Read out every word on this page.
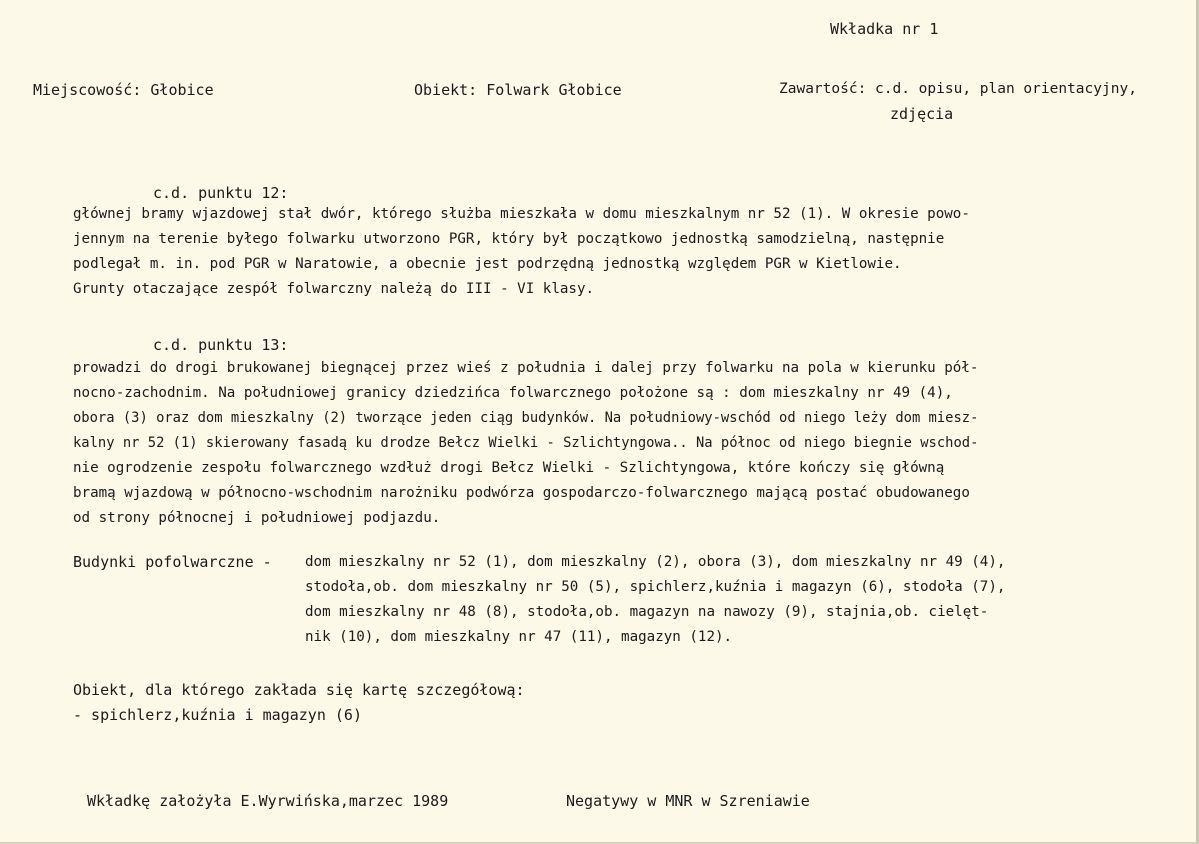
Wkładka nr 1
Miejscowość: Głobice	Obiekt: Folwark Głobice	Zawartość: c.d. opisu, plan orientacyjny,
zdjęcia
c.d. punktu 12:
głównej bramy wjazdowej stał dwór, którego służba mieszkała w domu mieszkalnym nr 52 (1). W okresie powo-
jennym na terenie byłego folwarku utworzono PGR, który był początkowo jednostką samodzielną, następnie
podlegał m. in. pod PGR w Naratowie, a obecnie jest podrzędną jednostką względem PGR w Kietlowie.
Grunty otaczające zespół folwarczny należą do III - VI klasy.
c.d. punktu 13:
prowadzi do drogi brukowanej biegnącej przez wieś z południa i dalej przy folwarku na pola w kierunku pół-
nocno-zachodnim. Na południowej granicy dziedzińca folwarcznego położone są : dom mieszkalny nr 49 (4),
obora (3) oraz dom mieszkalny (2) tworzące jeden ciąg budynków. Na południowy-wschód od niego leży dom miesz-
kalny nr 52 (1) skierowany fasadą ku drodze Bełcz Wielki - Szlichtyngowa.. Na północ od niego biegnie wschod-
nie ogrodzenie zespołu folwarcznego wzdłuż drogi Bełcz Wielki - Szlichtyngowa, które kończy się główną
bramą wjazdową w północno-wschodnim narożniku podwórza gospodarczo-folwarcznego mającą postać obudowanego
od strony północnej i południowej podjazdu.
Budynki pofolwarczne - dom mieszkalny nr 52 (1), dom mieszkalny (2), obora (3), dom mieszkalny nr 49 (4),
stodoła,ob. dom mieszkalny nr 50 (5), spichlerz,kuźnia i magazyn (6), stodoła (7),
dom mieszkalny nr 48 (8), stodoła,ob. magazyn na nawozy (9), stajnia,ob. cielęt-
nik (10), dom mieszkalny nr 47 (11), magazyn (12).
Obiekt, dla którego zakłada się kartę szczegółową:
- spichlerz,kuźnia i magazyn (6)
Wkładkę założyła E.Wyrwińska,marzec 1989	Negatywy w MNR w Szreniawie
